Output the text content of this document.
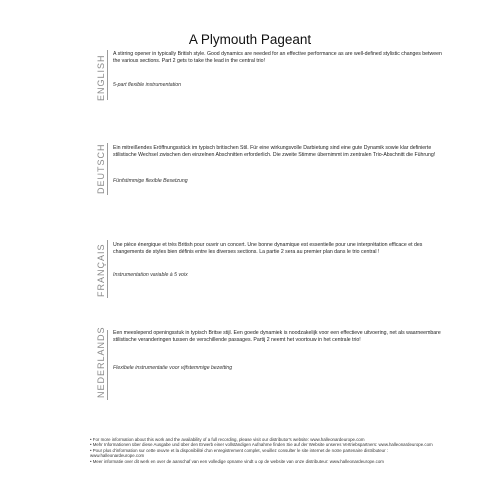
A Plymouth Pageant
ENGLISH
A stirring opener in typically British style. Good dynamics are needed for an effective performance as are well-defined stylistic changes between the various sections. Part 2 gets to take the lead in the central trio!
5-part flexible instrumentation
DEUTSCH Ein mitreißendes Eröffnungsstück im typisch britischen Stil. Für eine wirkungsvolle Darbietung sind eine gute Dynamik sowie klar definierte stilistische Wechsel zwischen den einzelnen Abschnitten erforderlich. Die zweite Stimme übernimmt im zentralen Trio-Abschnitt die Führung!
Fünfstimmige flexible Besetzung
FRANÇAIS Une pièce énergique et très British pour ouvrir un concert. Une bonne dynamique est essentielle pour une interprétation efficace et des changements de styles bien définis entre les diverses sections. La partie 2 sera au premier plan dans le trio central !
Instrumentation variable à 5 voix
NEDERLANDS Een meeslepend openingsstuk in typisch Britse stijl. Een goede dynamiek is noodzakelijk voor een effectieve uitvoering, net als waarneembare stilistische veranderingen tussen de verschillende passages. Partij 2 neemt het voortouw in het centrale trio!
Flexibele instrumentatie voor vijfstemmige bezetting

• For more information about this work and the availability of a full recording, please visit our distributor's website: www.halleonardeurope.com

• Mehr Informationen über diese Ausgabe und über den Erwerb einer vollständigen Aufnahme finden Sie auf der Website unseres Vertriebspartners: www.halleonardeurope.com

• Pour plus d'information sur cette œuvre et la disponibilité d'un enregistrement complet, veuillez consulter le site internet de notre partenaire distributeur : www.halleonardeurope.com

• Meer informatie over dit werk en over de aanschaf van een volledige opname vindt u op de website van onze distributeur: www.halleonardeurope.com
